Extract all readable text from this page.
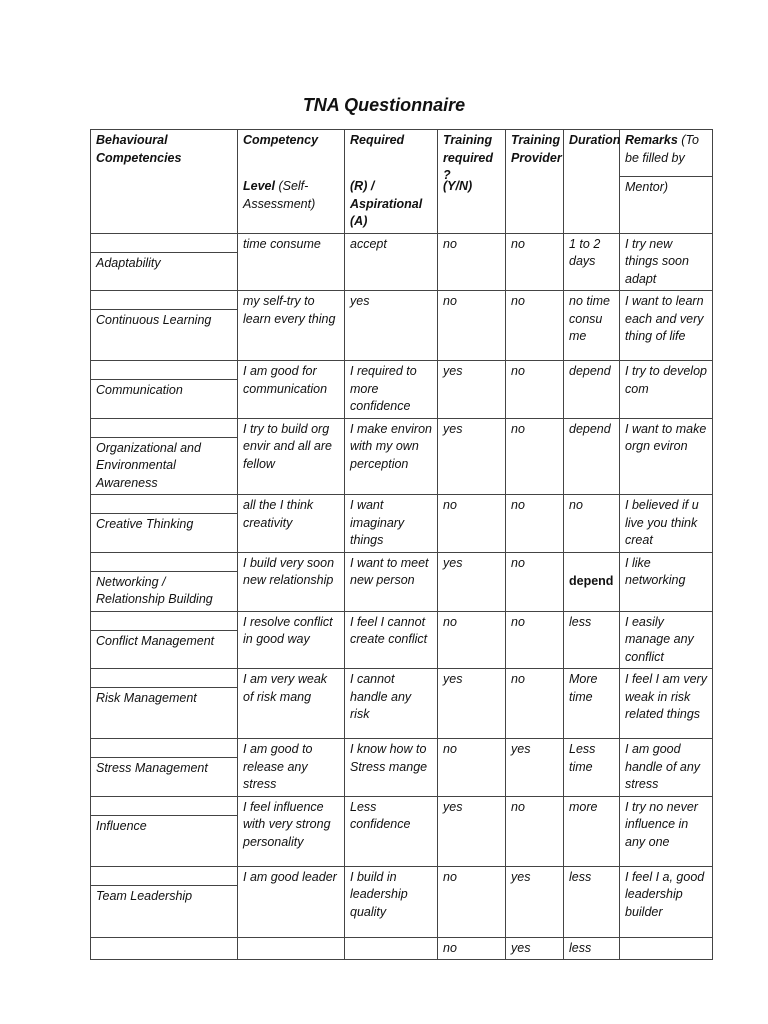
TNA Questionnaire
Behavioural Competencies	Competency	Required	Training required ?	Training Provider	Duration	Remarks (To be filled by
	Level (Self-Assessment)	(R) / Aspirational (A)	(Y/N)			Mentor)

Adaptability	time consume	accept	no	no	1 to 2 days	I try new things soon adapt

Continuous Learning	my self-try to learn every thing	yes	no	no	no time consu me	I want to learn each and very thing of life

Communication	I am good for communication	I required to more confidence	yes	no	depend	I try to develop com

Organizational and Environmental Awareness	I try to build org envir and all are fellow	I make environ with my own perception	yes	no	depend	I want to make orgn eviron

Creative Thinking	all the I think creativity	I want imaginary things	no	no	no	I believed if u live you think creat

Networking / Relationship Building	I build very soon new relationship	I want to meet new person	yes	no	depend	I like networking

Conflict Management	I resolve conflict in good way	I feel I cannot create conflict	no	no	less	I easily manage any conflict

Risk Management	I am very weak of risk mang	I cannot handle any risk	yes	no	More time	I feel I am very weak in risk related things

Stress Management	I am good to release any stress	I know how to Stress mange	no	yes	Less time	I am good handle of any stress

Influence	I feel influence with very strong personality	Less confidence	yes	no	more	I try no never influence in any one

Team Leadership	I am good leader	I build in leadership quality	no	yes	less	I feel I a, good leadership builder
			no	yes	less	
